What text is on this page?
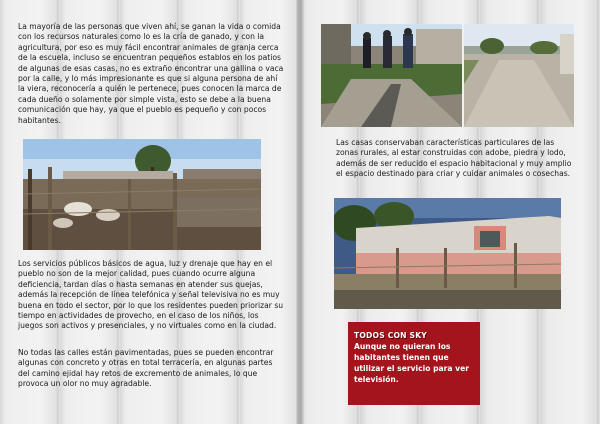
La mayoría de las personas que viven ahí, se ganan la vida o comida con los recursos naturales como lo es la cría de ganado, y con la agricultura, por eso es muy fácil encontrar animales de granja cerca de la escuela, incluso se encuentran pequeños establos en los patios de algunas de esas casas, no es extraño encontrar una gallina o vaca por la calle, y lo más impresionante es que si alguna persona de ahí la viera, reconocería a quién le pertenece, pues conocen la marca de cada dueño o solamente por simple vista, esto se debe a la buena comunicación que hay, ya que el pueblo es pequeño y con pocos habitantes.

Los servicios públicos básicos de agua, luz y drenaje que hay en el pueblo no son de la mejor calidad, pues cuando ocurre alguna deficiencia, tardan días o hasta semanas en atender sus quejas, además la recepción de línea telefónica y señal televisiva no es muy buena en todo el sector, por lo que los residentes pueden priorizar su tiempo en actividades de provecho, en el caso de los niños, los juegos son activos y presenciales, y no virtuales como en la ciudad.

No todas las calles están pavimentadas, pues se pueden encontrar algunas con concreto y otras en total terracería, en algunas partes del camino ejidal hay retos de excremento de animales, lo que provoca un olor no muy agradable.

Las casas conservaban características particulares de las zonas rurales, al estar construidas con adobe, piedra y lodo, además de ser reducido el espacio habitacional y muy amplio el espacio destinado para criar y cuidar animales o cosechas.

TODOS CON SKY

Aunque no quieran los habitantes tienen que utilizar el servicio para ver televisión.
